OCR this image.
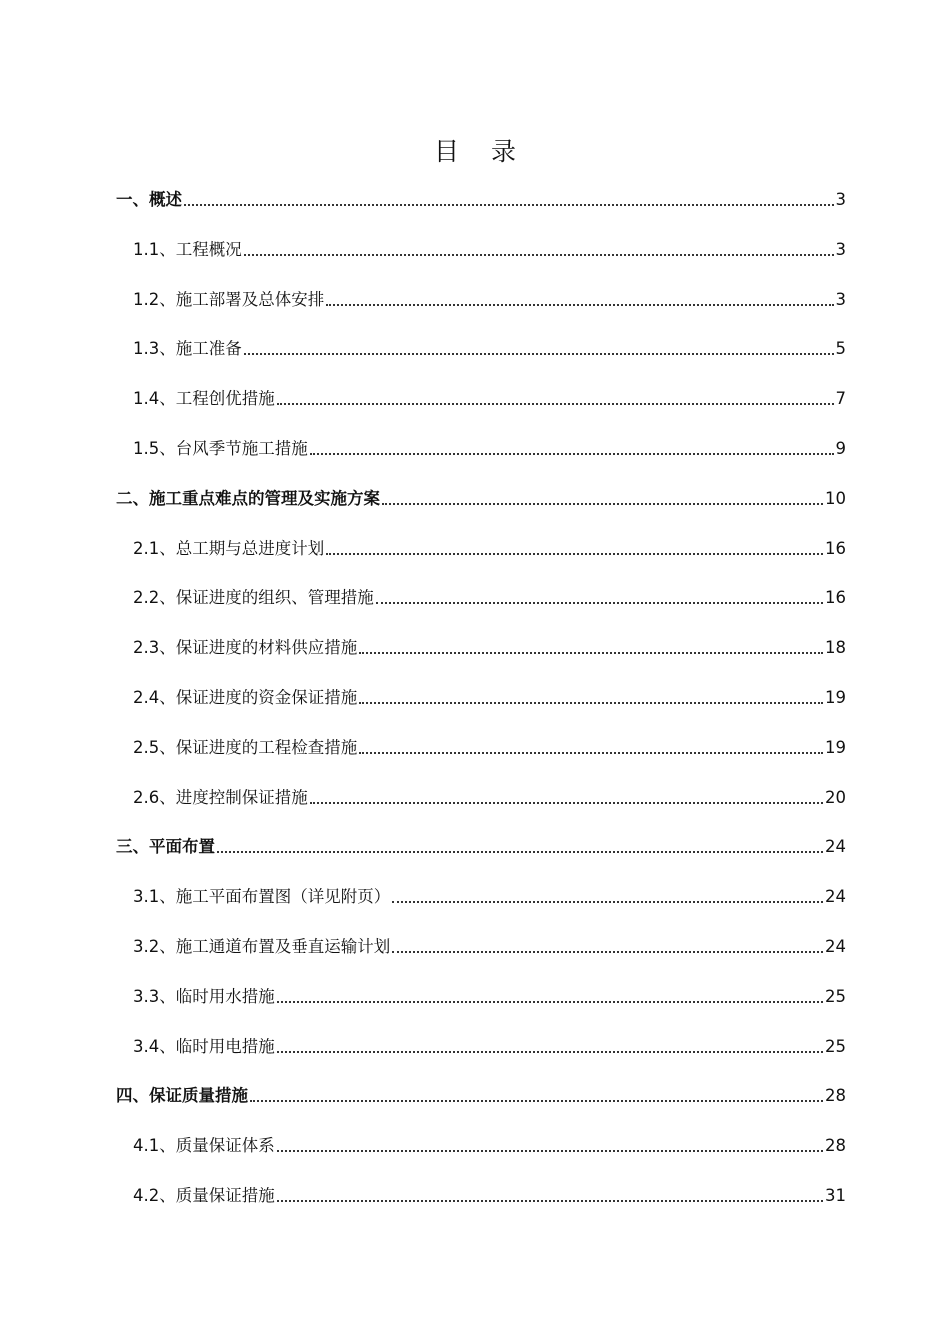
目 录
一、概述	3
1.1、工程概况	3
1.2、施工部署及总体安排	3
1.3、施工准备	5
1.4、工程创优措施	7
1.5、台风季节施工措施	9
二、施工重点难点的管理及实施方案	10
2.1、总工期与总进度计划	16
2.2、保证进度的组织、管理措施	16
2.3、保证进度的材料供应措施	18
2.4、保证进度的资金保证措施	19
2.5、保证进度的工程检查措施	19
2.6、进度控制保证措施	20
三、平面布置	24
3.1、施工平面布置图（详见附页）	24
3.2、施工通道布置及垂直运输计划	24
3.3、临时用水措施	25
3.4、临时用电措施	25
四、保证质量措施	28
4.1、质量保证体系	28
4.2、质量保证措施	31
